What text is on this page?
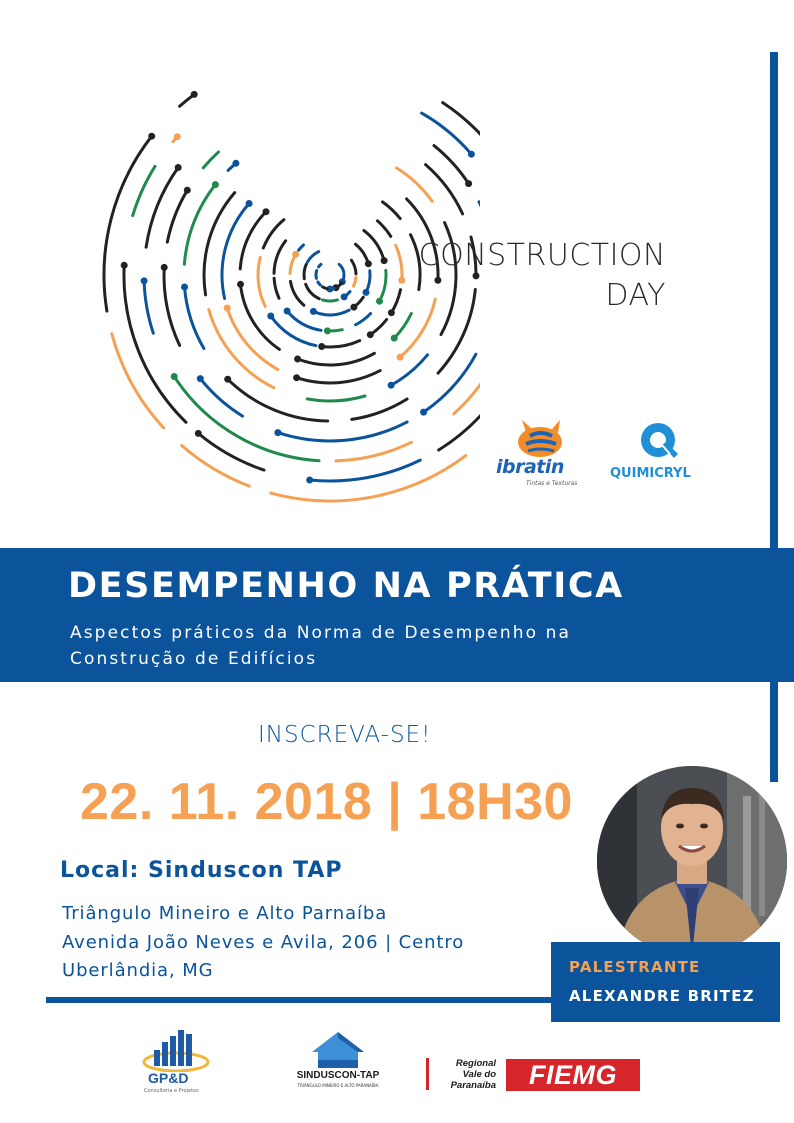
CONSTRUCTION
DAY
ibratin
Tintas e Texturas
QUIMICRYL
DESEMPENHO NA PRÁTICA
Aspectos práticos da Norma de Desempenho na
Construção de Edifícios
INSCREVA-SE!
22. 11. 2018 | 18H30
Local: Sinduscon TAP
Triângulo Mineiro e Alto Parnaíba
Avenida João Neves e Avila, 206 | Centro
Uberlândia, MG	PALESTRANTE
ALEXANDRE BRITEZ
GP&D
Consultoria e Projetos
SINDUSCON-TAP
TRIÂNGULO MINEIRO E ALTO PARANAÍBA
Regional
Vale do
Paranaíba	FIEMG
